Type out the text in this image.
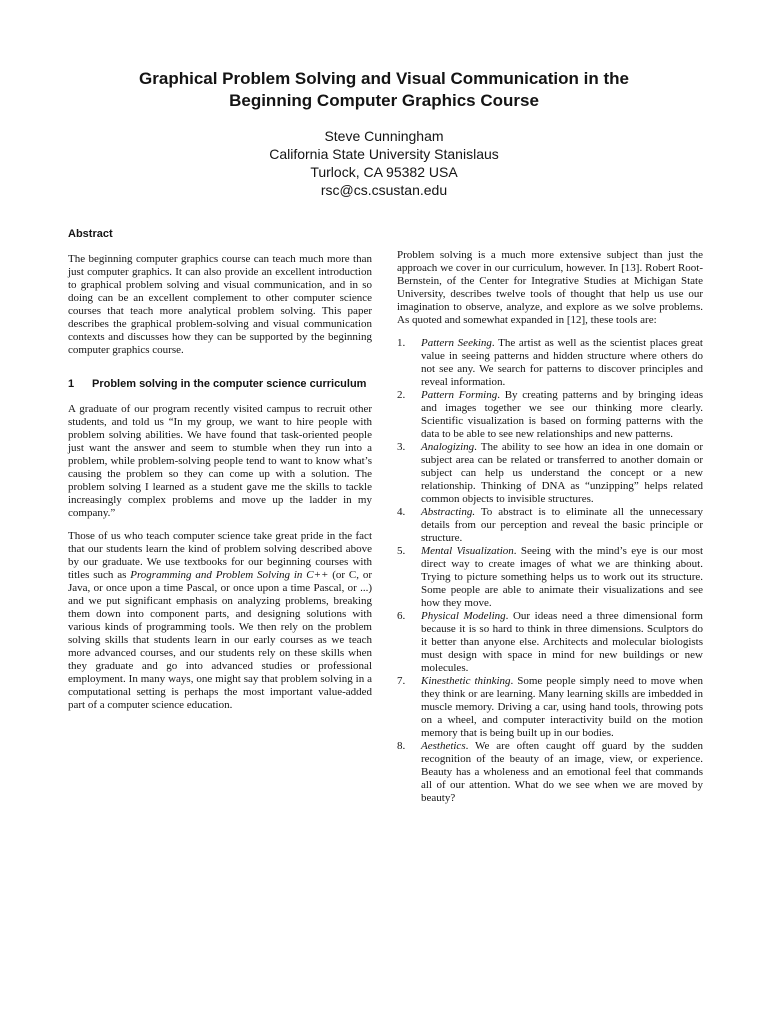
Graphical Problem Solving and Visual Communication in the
Beginning Computer Graphics Course
Steve Cunningham
California State University Stanislaus
Turlock, CA 95382 USA
rsc@cs.csustan.edu
Abstract

The beginning computer graphics course can teach much more than just computer graphics. It can also provide an excellent introduction to graphical problem solving and visual communication, and in so doing can be an excellent complement to other computer science courses that teach more analytical problem solving. This paper describes the graphical problem-solving and visual communication contexts and discusses how they can be supported by the beginning computer graphics course.

1	Problem solving in the computer science curriculum

A graduate of our program recently visited campus to recruit other students, and told us “In my group, we want to hire people with problem solving abilities. We have found that task-oriented people just want the answer and seem to stumble when they run into a problem, while problem-solving people tend to want to know what’s causing the problem so they can come up with a solution. The problem solving I learned as a student gave me the skills to tackle increasingly complex problems and move up the ladder in my company.”

Those of us who teach computer science take great pride in the fact that our students learn the kind of problem solving described above by our graduate. We use textbooks for our beginning courses with titles such as Programming and Problem Solving in C++ (or C, or Java, or once upon a time Pascal, or once upon a time Pascal, or ...) and we put significant emphasis on analyzing problems, breaking them down into component parts, and designing solutions with various kinds of programming tools. We then rely on the problem solving skills that students learn in our early courses as we teach more advanced courses, and our students rely on these skills when they graduate and go into advanced studies or professional employment. In many ways, one might say that problem solving in a computational setting is perhaps the most important value-added part of a computer science education.

Problem solving is a much more extensive subject than just the approach we cover in our curriculum, however. In [13]. Robert Root-Bernstein, of the Center for Integrative Studies at Michigan State University, describes twelve tools of thought that help us use our imagination to observe, analyze, and explore as we solve problems. As quoted and somewhat expanded in [12], these tools are:

1.	Pattern Seeking. The artist as well as the scientist places great value in seeing patterns and hidden structure where others do not see any. We search for patterns to discover principles and reveal information.
2.	Pattern Forming. By creating patterns and by bringing ideas and images together we see our thinking more clearly. Scientific visualization is based on forming patterns with the data to be able to see new relationships and new patterns.
3.	Analogizing. The ability to see how an idea in one domain or subject area can be related or transferred to another domain or subject can help us understand the concept or a new relationship. Thinking of DNA as “unzipping” helps related common objects to invisible structures.
4.	Abstracting. To abstract is to eliminate all the unnecessary details from our perception and reveal the basic principle or structure.
5.	Mental Visualization. Seeing with the mind’s eye is our most direct way to create images of what we are thinking about. Trying to picture something helps us to work out its structure. Some people are able to animate their visualizations and see how they move.
6.	Physical Modeling. Our ideas need a three dimensional form because it is so hard to think in three dimensions. Sculptors do it better than anyone else. Architects and molecular biologists must design with space in mind for new buildings or new molecules.
7.	Kinesthetic thinking. Some people simply need to move when they think or are learning. Many learning skills are imbedded in muscle memory. Driving a car, using hand tools, throwing pots on a wheel, and computer interactivity build on the motion memory that is being built up in our bodies.
8.	Aesthetics. We are often caught off guard by the sudden recognition of the beauty of an image, view, or experience. Beauty has a wholeness and an emotional feel that commands all of our attention. What do we see when we are moved by beauty?
